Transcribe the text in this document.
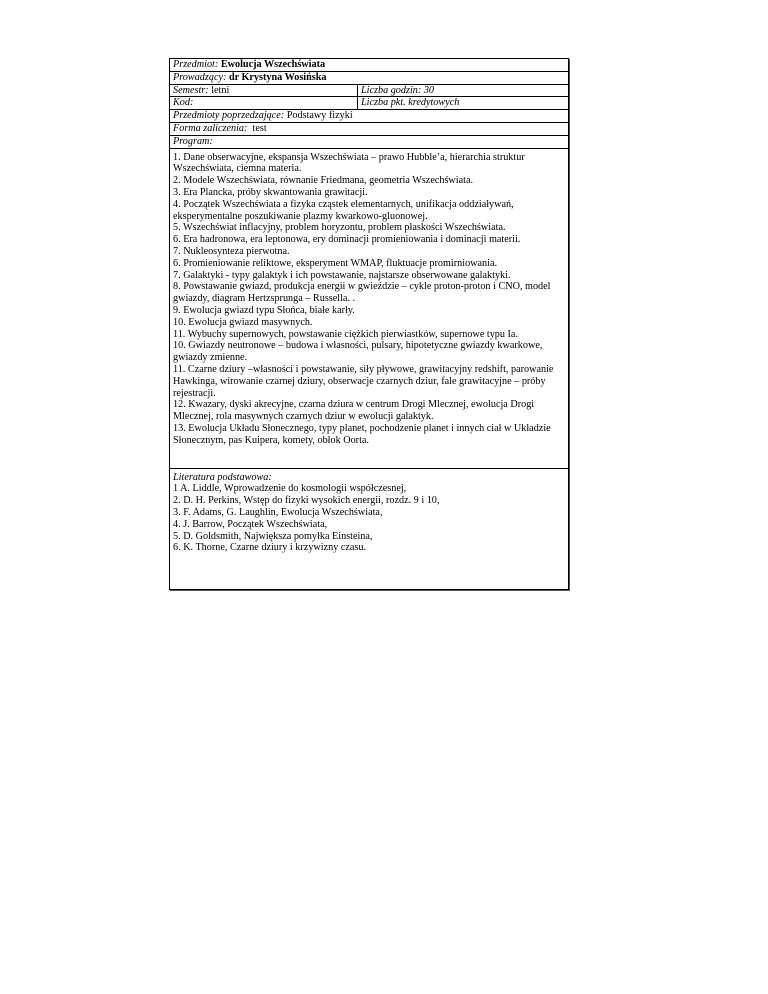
Przedmiot: Ewolucja Wszechświata
Prowadzący: dr Krystyna Wosińska
Semestr: letni	Liczba godzin: 30
Kod:	Liczba pkt. kredytowych
Przedmioty poprzedzające: Podstawy fizyki
Forma zaliczenia: test
Program:
1. Dane obserwacyjne, ekspansja Wszechświata – prawo Hubble’a, hierarchia struktur Wszechświata, ciemna materia.
2. Modele Wszechświata, równanie Friedmana, geometria Wszechświata.
3. Era Plancka, próby skwantowania grawitacji.
4. Początek Wszechświata a fizyka cząstek elementarnych, unifikacja oddziaływań, eksperymentalne poszukiwanie plazmy kwarkowo-gluonowej.
5. Wszechświat inflacyjny, problem horyzontu, problem płaskości Wszechświata.
6. Era hadronowa, era leptonowa, ery dominacji promieniowania i dominacji materii.
7. Nukleosynteza pierwotna.
6. Promieniowanie reliktowe, eksperyment WMAP, fluktuacje promirniowania.
7. Galaktyki - typy galaktyk i ich powstawanie, najstarsze obserwowane galaktyki.
8. Powstawanie gwiazd, produkcja energii w gwieździe – cykle proton-proton i CNO, model gwiazdy, diagram Hertzsprunga – Russella. .
9. Ewolucja gwiazd typu Słońca, białe karły.
10. Ewolucja gwiazd masywnych.
11. Wybuchy supernowych, powstawanie ciężkich pierwiastków, supernowe typu Ia.
10. Gwiazdy neutronowe – budowa i własności, pulsary, hipotetyczne gwiazdy kwarkowe, gwiazdy zmienne.
11. Czarne dziury –własności i powstawanie, siły pływowe, grawitacyjny redshift, parowanie Hawkinga, wirowanie czarnej dziury, obserwacje czarnych dziur, fale grawitacyjne – próby rejestracji.
12. Kwazary, dyski akrecyjne, czarna dziura w centrum Drogi Mlecznej, ewolucja Drogi Mlecznej, rola masywnych czarnych dziur w ewolucji galaktyk.
13. Ewolucja Układu Słonecznego, typy planet, pochodzenie planet i innych ciał w Układzie Słonecznym, pas Kuipera, komety, obłok Oorta.
Literatura podstawowa:
1 A. Liddle, Wprowadzenie do kosmologii współczesnej,
2. D. H. Perkins, Wstęp do fizyki wysokich energii, rozdz. 9 i 10,
3. F. Adams, G. Laughlin, Ewolucja Wszechświata,
4. J. Barrow, Początek Wszechświata,
5. D. Goldsmith, Największa pomyłka Einsteina,
6. K. Thorne, Czarne dziury i krzywizny czasu.
